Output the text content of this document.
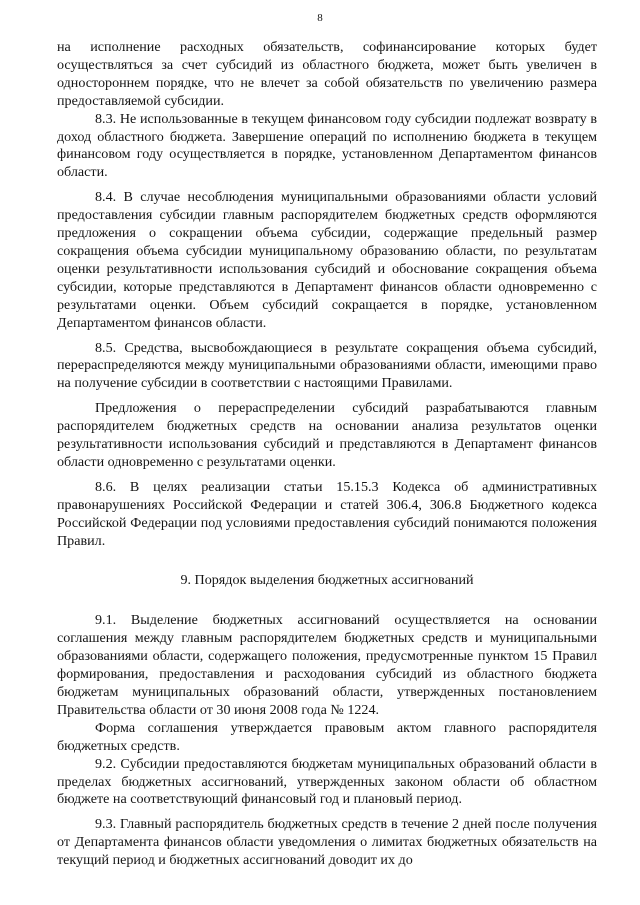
8

на исполнение расходных обязательств, софинансирование которых будет осуществляться за счет субсидий из областного бюджета, может быть увеличен в одностороннем порядке, что не влечет за собой обязательств по увеличению размера предоставляемой субсидии.

8.3. Не использованные в текущем финансовом году субсидии подлежат возврату в доход областного бюджета. Завершение операций по исполнению бюджета в текущем финансовом году осуществляется в порядке, установленном Департаментом финансов области.

8.4. В случае несоблюдения муниципальными образованиями области условий предоставления субсидии главным распорядителем бюджетных средств оформляются предложения о сокращении объема субсидии, содержащие предельный размер сокращения объема субсидии муниципальному образованию области, по результатам оценки результативности использования субсидий и обоснование сокращения объема субсидии, которые представляются в Департамент финансов области одновременно с результатами оценки. Объем субсидий сокращается в порядке, установленном Департаментом финансов области.

8.5. Средства, высвобождающиеся в результате сокращения объема субсидий, перераспределяются между муниципальными образованиями области, имеющими право на получение субсидии в соответствии с настоящими Правилами.

Предложения о перераспределении субсидий разрабатываются главным распорядителем бюджетных средств на основании анализа результатов оценки результативности использования субсидий и представляются в Департамент финансов области одновременно с результатами оценки.

8.6. В целях реализации статьи 15.15.3 Кодекса об административных правонарушениях Российской Федерации и статей 306.4, 306.8 Бюджетного кодекса Российской Федерации под условиями предоставления субсидий понимаются положения Правил.

9. Порядок выделения бюджетных ассигнований

9.1. Выделение бюджетных ассигнований осуществляется на основании соглашения между главным распорядителем бюджетных средств и муниципальными образованиями области, содержащего положения, предусмотренные пунктом 15 Правил формирования, предоставления и расходования субсидий из областного бюджета бюджетам муниципальных образований области, утвержденных постановлением Правительства области от 30 июня 2008 года № 1224.

Форма соглашения утверждается правовым актом главного распорядителя бюджетных средств.

9.2. Субсидии предоставляются бюджетам муниципальных образований области в пределах бюджетных ассигнований, утвержденных законом области об областном бюджете на соответствующий финансовый год и плановый период.

9.3. Главный распорядитель бюджетных средств в течение 2 дней после получения от Департамента финансов области уведомления о лимитах бюджетных обязательств на текущий период и бюджетных ассигнований доводит их до
